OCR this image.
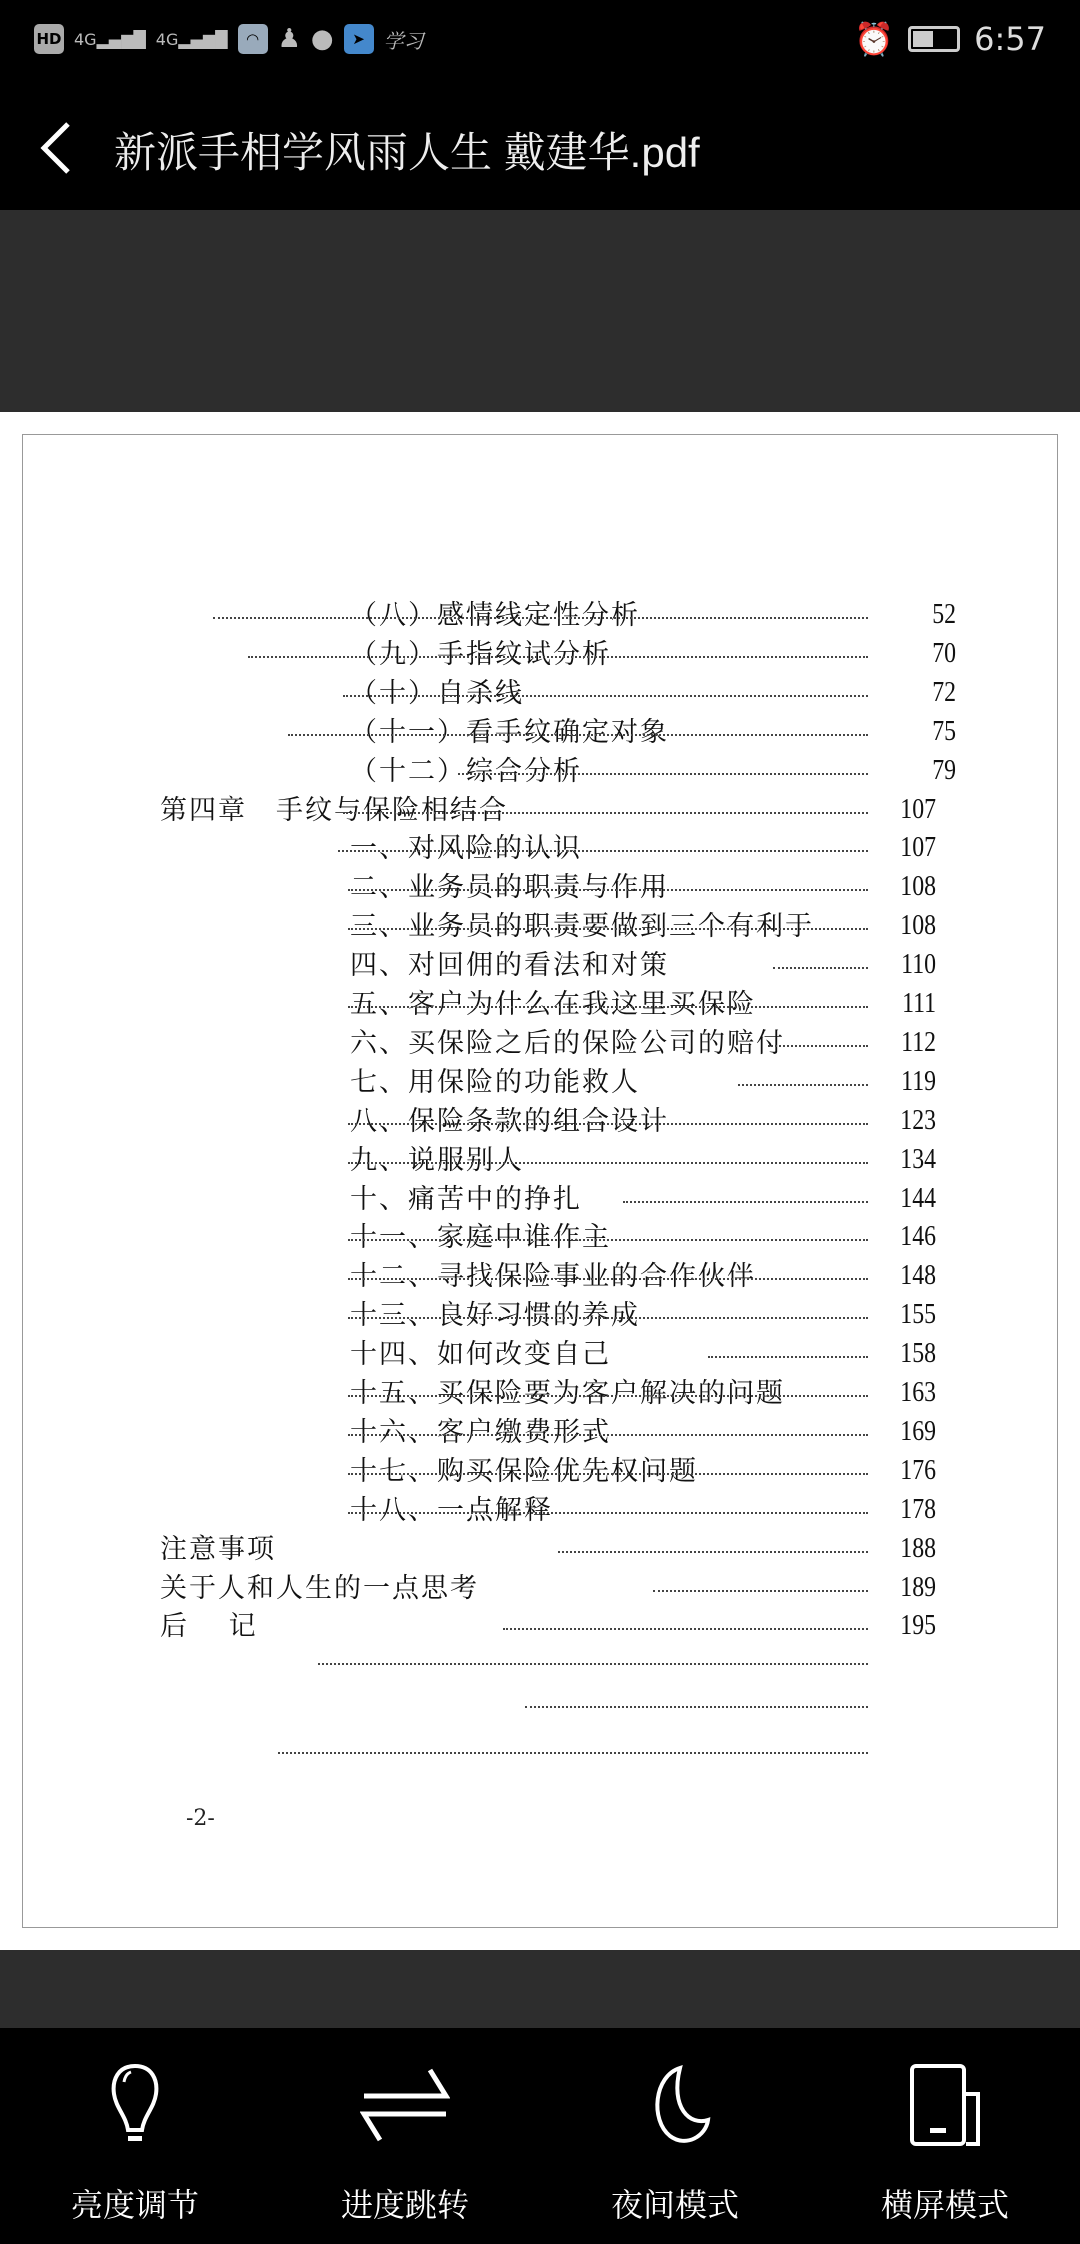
HD 4G▂▄▆█ 4G▂▄▆█	◠ ♟ ●	➤ 学习	⏰	6:57
新派手相学风雨人生 戴建华.pdf
（八）感情线定性分析	52
（九）手指纹试分析	70
（十）自杀线	72
（十一）看手纹确定对象	75
（十二）综合分析	79
第四章　手纹与保险相结合	107
一、对风险的认识	107
二、业务员的职责与作用	108
三、业务员的职责要做到三个有利于	108
四、对回佣的看法和对策	110
五、客户为什么在我这里买保险	111
六、买保险之后的保险公司的赔付	112
七、用保险的功能救人	119
八、保险条款的组合设计	123
九、说服别人	134
十、痛苦中的挣扎	144
十一、家庭中谁作主	146
十二、寻找保险事业的合作伙伴	148
十三、良好习惯的养成	155
十四、如何改变自己	158
十五、买保险要为客户解决的问题	163
十六、客户缴费形式	169
十七、购买保险优先权问题	176
十八、一点解释	178
注意事项	188
关于人和人生的一点思考	189
后　 记	195
-2-
亮度调节	进度跳转	夜间模式	横屏模式
